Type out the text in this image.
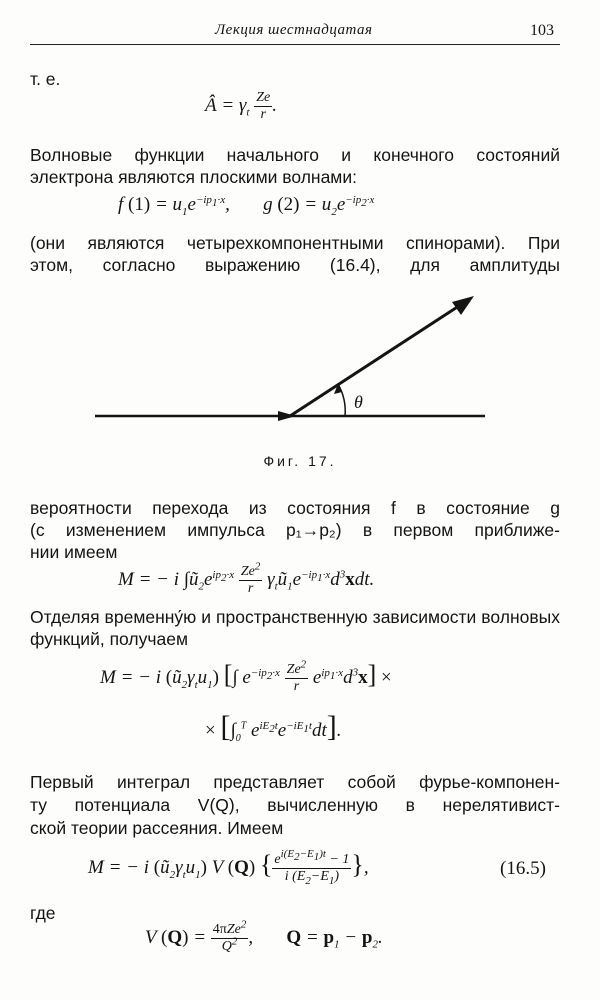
Лекция шестнадцатая	103
т. е.
Â = $\gamma_t \frac{Ze}{r}$ .
Волновые функции начального и конечного состояний электрона являются плоскими волнами:
f $(1) = u_1e^{-ip_1\cdot x}$,       g $(2) = u_2e^{-ip_2\cdot x}$
(они являются четырехкомпонентными спинорами). При
этом, согласно выражению (16.4), для амплитуды
θ
Фиг. 17.
вероятности перехода из состояния f в состояние g
(с изменением импульса p₁→p₂) в первом приближе-
нии имеем
M = − i $\int ũ_2e^{ip_2\cdot x} \frac{Ze^2}{r}$ $\gamma_tũ_1e^{-ip_1\cdot x}d^3xdt$.
Отделяя временну́ю и пространственную зависимости волновых функций, получаем
M = − i $(ũ_2\gamma_tu_1)$ [∫ $e^{-ip_2\cdot x} \frac{Ze^2}{r} e^{ip_1\cdot x}d^3x$] ×
× [$\int_0^T$ $e^{iE_2t}e^{-iE_1t}dt$].
Первый интеграл представляет собой фурье-компонен-
ту потенциала V(Q), вычисленную в нерелятивист-
ской теории рассеяния. Имеем
M = − i $(ũ_2\gamma_tu_1)$ V (Q) { $\frac{e^{i(E_2-E_1)t} - 1}{i (E_2-E_1)}$ },	(16.5)
где
V $(Q) = \frac{4\pi Ze^2}{Q^2}$ ,       $Q = p_1 - p_2$.
